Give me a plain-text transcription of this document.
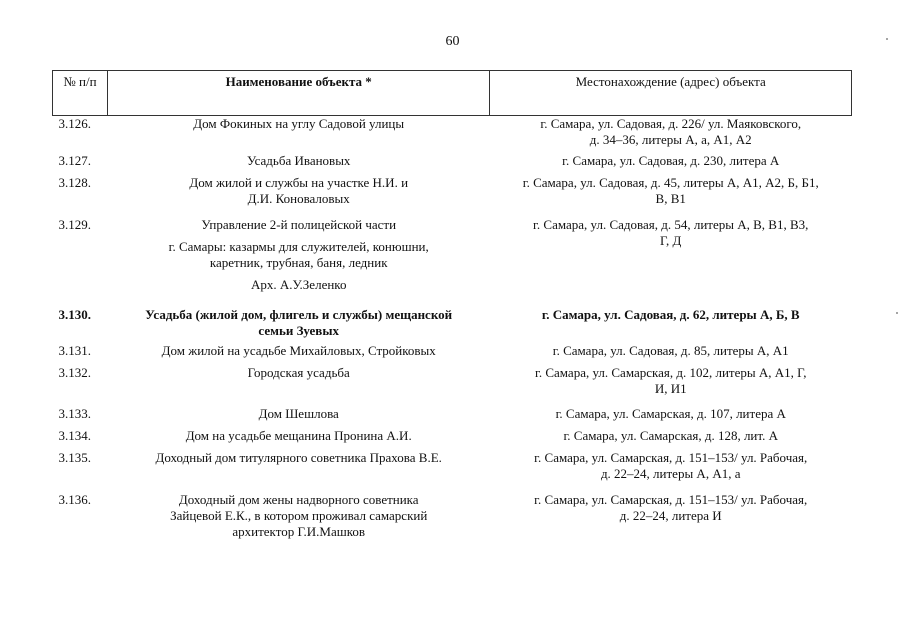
60
№ п/п	Наименование объекта *	Местонахождение (адрес) объекта
3.126.	Дом Фокиных на углу Садовой улицы	г. Самара, ул. Садовая, д. 226/ ул. Маяковского,
д. 34–36, литеры А, а, А1, А2

3.127.	Усадьба Ивановых	г. Самара, ул. Садовая, д. 230, литера А

3.128.	Дом жилой и службы на участке Н.И. и
Д.И. Коноваловых	г. Самара, ул. Садовая, д. 45, литеры А, А1, А2, Б, Б1,
В, В1

3.129.	Управление 2-й полицейской части
г. Самары: казармы для служителей, конюшни,
каретник, трубная, баня, ледник
Арх. А.У.Зеленко	г. Самара, ул. Садовая, д. 54, литеры А, В, В1, В3,
Г, Д

3.130.	Усадьба (жилой дом, флигель и службы) мещанской
семьи Зуевых	г. Самара, ул. Садовая, д. 62, литеры А, Б, В

3.131.	Дом жилой на усадьбе Михайловых, Стройковых	г. Самара, ул. Садовая, д. 85, литеры А, А1

3.132.	Городская усадьба	г. Самара, ул. Самарская, д. 102, литеры А, А1, Г,
И, И1

3.133.	Дом Шешлова	г. Самара, ул. Самарская, д. 107, литера А

3.134.	Дом на усадьбе мещанина Пронина А.И.	г. Самара, ул. Самарская, д. 128, лит. А

3.135.	Доходный дом титулярного советника Прахова В.Е.	г. Самара, ул. Самарская, д. 151–153/ ул. Рабочая,
д. 22–24, литеры А, А1, а

3.136.	Доходный дом жены надворного советника
Зайцевой Е.К., в котором проживал самарский
архитектор Г.И.Машков	г. Самара, ул. Самарская, д. 151–153/ ул. Рабочая,
д. 22–24, литера И
